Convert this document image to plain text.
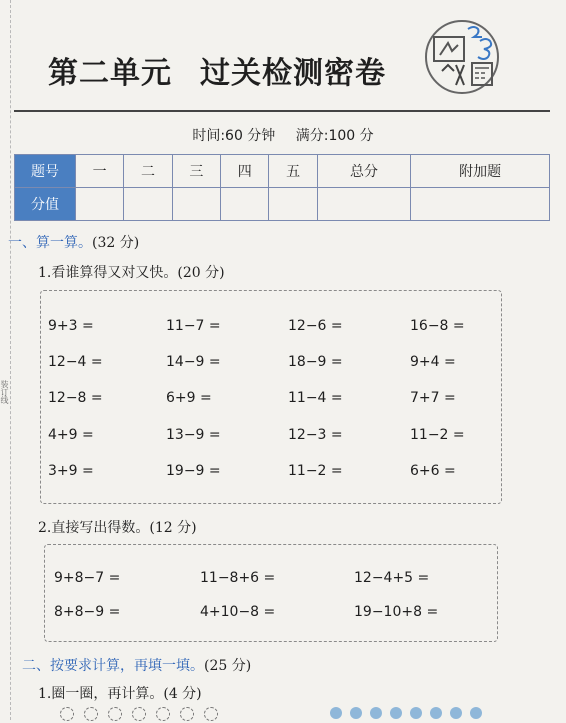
装订线
第二单元 过关检测密卷
时间:60 分钟 满分:100 分
题号	一	二	三	四	五	总分	附加题
分值							
一、算一算。(32 分)
1.看谁算得又对又快。(20 分)
9+3 =	11−7 =	12−6 =	16−8 =
12−4 =	14−9 =	18−9 =	9+4 =
12−8 =	6+9 =	11−4 =	7+7 =
4+9 =	13−9 =	12−3 =	11−2 =
3+9 =	19−9 =	11−2 =	6+6 =
2.直接写出得数。(12 分)
9+8−7 =	11−8+6 =	12−4+5 =
8+8−9 =	4+10−8 =	19−10+8 =
二、按要求计算，再填一填。(25 分)
1.圈一圈，再计算。(4 分)
